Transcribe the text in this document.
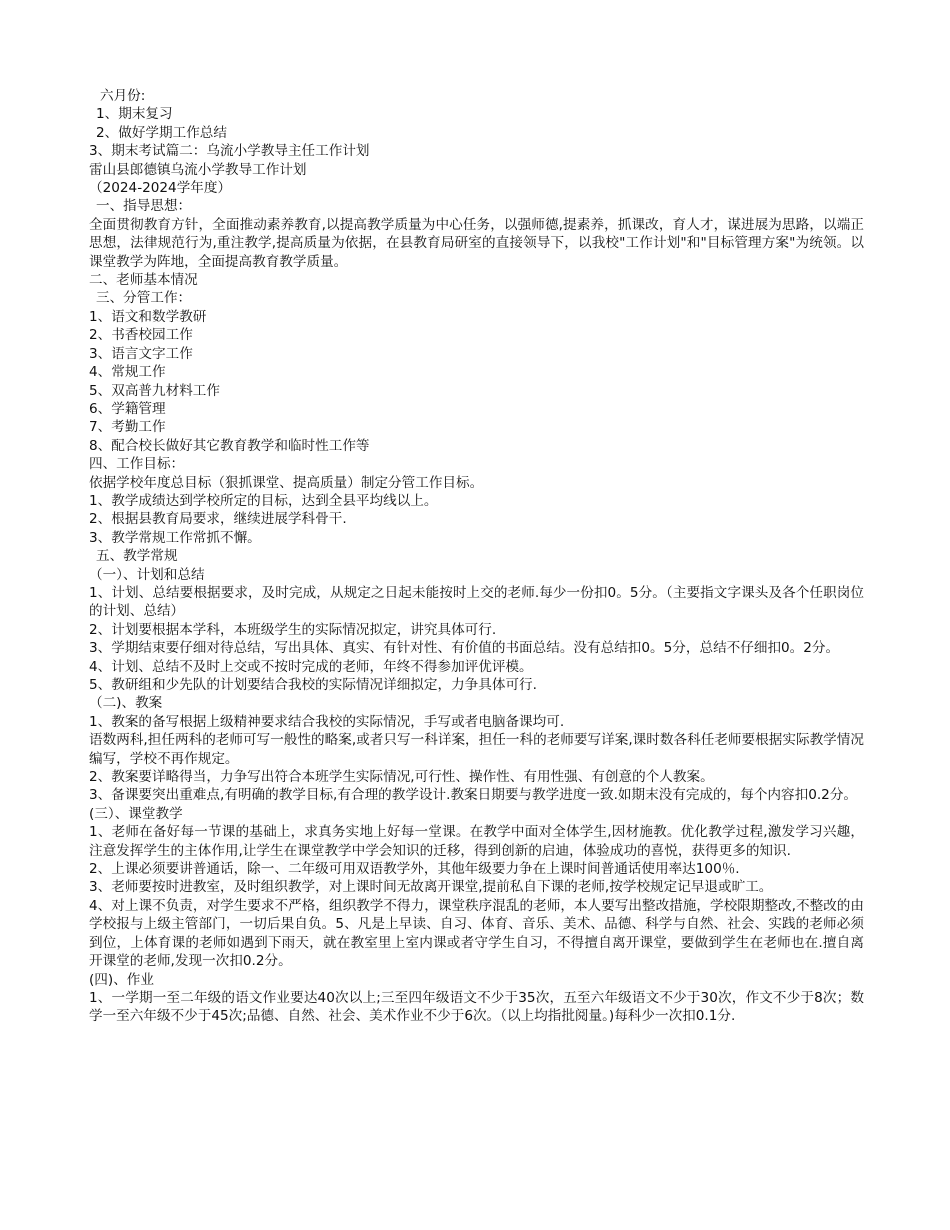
六月份:
1、期末复习
2、做好学期工作总结
3、期末考试篇二：乌流小学教导主任工作计划
雷山县郎德镇乌流小学教导工作计划
（2024-2024学年度）
一、指导思想：
全面贯彻教育方针，全面推动素养教育,以提高教学质量为中心任务，以强师德,提素养，抓课改，育人才，谋进展为思路，以端正思想，法律规范行为,重注教学,提高质量为依据，在县教育局研室的直接领导下，以我校"工作计划"和"目标管理方案"为统领。以课堂教学为阵地，全面提高教育教学质量。
二、老师基本情况
三、分管工作：
1、语文和数学教研
2、书香校园工作
3、语言文字工作
4、常规工作
5、双高普九材料工作
6、学籍管理
7、考勤工作
8、配合校长做好其它教育教学和临时性工作等
四、工作目标：
依据学校年度总目标（狠抓课堂、提高质量）制定分管工作目标。
1、教学成绩达到学校所定的目标，达到全县平均线以上。
2、根据县教育局要求，继续进展学科骨干.
3、教学常规工作常抓不懈。
五、教学常规
（一）、计划和总结
1、计划、总结要根据要求，及时完成，从规定之日起未能按时上交的老师.每少一份扣0。5分。（主要指文字课头及各个任职岗位的计划、总结）
2、计划要根据本学科，本班级学生的实际情况拟定，讲究具体可行.
3、学期结束要仔细对待总结，写出具体、真实、有针对性、有价值的书面总结。没有总结扣0。5分，总结不仔细扣0。2分。
4、计划、总结不及时上交或不按时完成的老师，年终不得参加评优评模。
5、教研组和少先队的计划要结合我校的实际情况详细拟定，力争具体可行.
（二)、教案
1、教案的备写根据上级精神要求结合我校的实际情况，手写或者电脑备课均可.
语数两科,担任两科的老师可写一般性的略案,或者只写一科详案，担任一科的老师要写详案,课时数各科任老师要根据实际教学情况编写，学校不再作规定。
2、教案要详略得当，力争写出符合本班学生实际情况,可行性、操作性、有用性强、有创意的个人教案。
3、备课要突出重难点,有明确的教学目标,有合理的教学设计.教案日期要与教学进度一致.如期末没有完成的，每个内容扣0.2分。
(三）、课堂教学
1、老师在备好每一节课的基础上，求真务实地上好每一堂课。在教学中面对全体学生,因材施教。优化教学过程,激发学习兴趣，注意发挥学生的主体作用,让学生在课堂教学中学会知识的迁移，得到创新的启迪，体验成功的喜悦，获得更多的知识.
2、上课必须要讲普通话，除一、二年级可用双语教学外，其他年级要力争在上课时间普通话使用率达100％.
3、老师要按时进教室，及时组织教学，对上课时间无故离开课堂,提前私自下课的老师,按学校规定记早退或旷工。
4、对上课不负责，对学生要求不严格，组织教学不得力，课堂秩序混乱的老师，本人要写出整改措施，学校限期整改,不整改的由学校报与上级主管部门，一切后果自负。5、凡是上早读、自习、体育、音乐、美术、品德、科学与自然、社会、实践的老师必须到位，上体育课的老师如遇到下雨天，就在教室里上室内课或者守学生自习，不得擅自离开课堂，要做到学生在老师也在.擅自离开课堂的老师,发现一次扣0.2分。
(四)、作业
1、一学期一至二年级的语文作业要达40次以上;三至四年级语文不少于35次，五至六年级语文不少于30次，作文不少于8次；数学一至六年级不少于45次;品德、自然、社会、美术作业不少于6次。（以上均指批阅量。)每科少一次扣0.1分.
